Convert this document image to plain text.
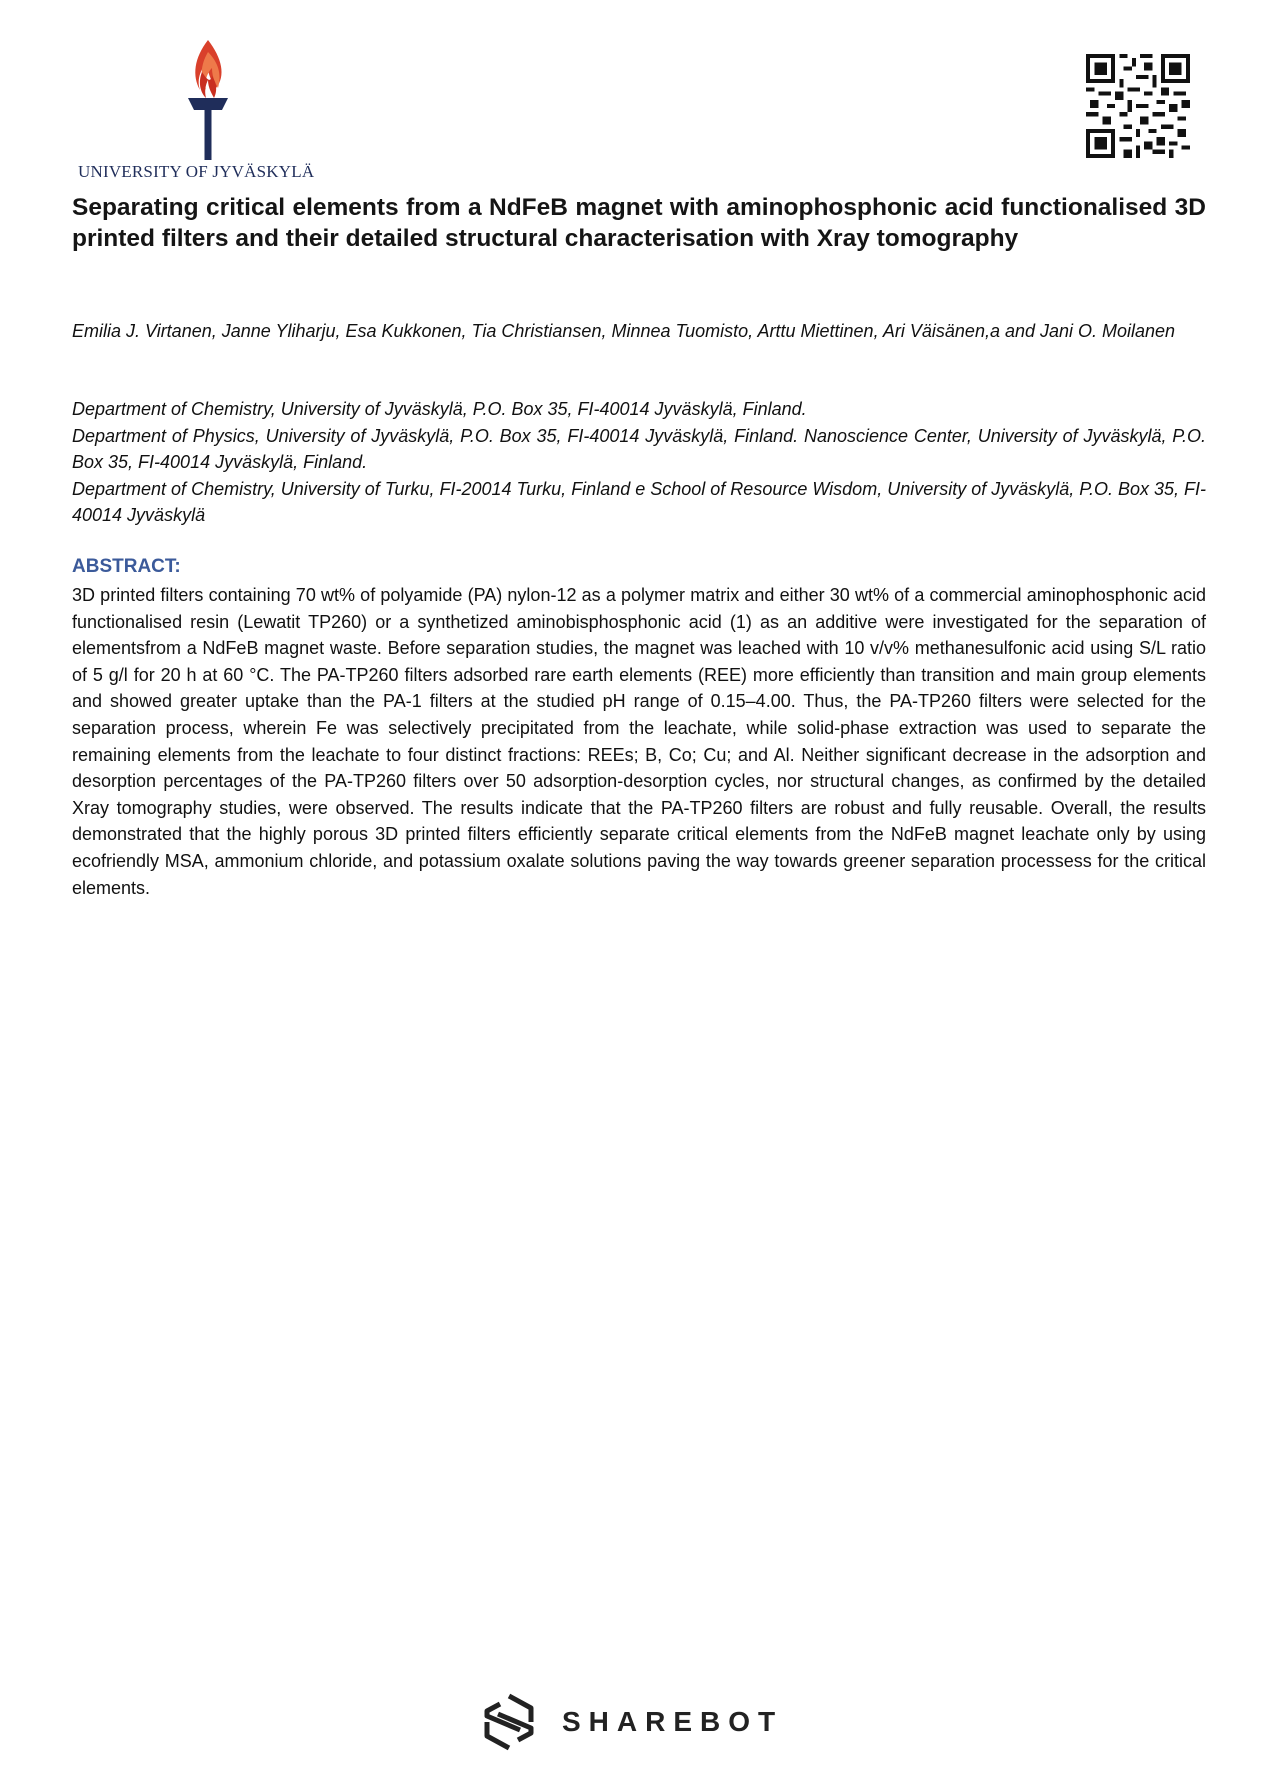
UNIVERSITY OF JYVÄSKYLÄ
Separating critical elements from a NdFeB magnet with aminophosphonic acid functionalised 3D printed filters and their detailed structural characterisation with Xray tomography
Emilia J. Virtanen, Janne Yliharju, Esa Kukkonen, Tia Christiansen, Minnea Tuomisto, Arttu Miettinen, Ari Väisänen,a and Jani O. Moilanen

Department of Chemistry, University of Jyväskylä, P.O. Box 35, FI-40014 Jyväskylä, Finland.

Department of Physics, University of Jyväskylä, P.O. Box 35, FI-40014 Jyväskylä, Finland. Nanoscience Center, University of Jyväskylä, P.O. Box 35, FI-40014 Jyväskylä, Finland.

Department of Chemistry, University of Turku, FI-20014 Turku, Finland e School of Resource Wisdom, University of Jyväskylä, P.O. Box 35, FI-40014 Jyväskylä

ABSTRACT:

3D printed filters containing 70 wt% of polyamide (PA) nylon-12 as a polymer matrix and either 30 wt% of a commercial aminophosphonic acid functionalised resin (Lewatit TP260) or a synthetized aminobisphosphonic acid (1) as an additive were investigated for the separation of elementsfrom a NdFeB magnet waste. Before separation studies, the magnet was leached with 10 v/v% methanesulfonic acid using S/L ratio of 5 g/l for 20 h at 60 °C. The PA-TP260 filters adsorbed rare earth elements (REE) more efficiently than transition and main group elements and showed greater uptake than the PA-1 filters at the studied pH range of 0.15–4.00. Thus, the PA-TP260 filters were selected for the separation process, wherein Fe was selectively precipitated from the leachate, while solid-phase extraction was used to separate the remaining elements from the leachate to four distinct fractions: REEs; B, Co; Cu; and Al. Neither significant decrease in the adsorption and desorption percentages of the PA-TP260 filters over 50 adsorption-desorption cycles, nor structural changes, as confirmed by the detailed Xray tomography studies, were observed. The results indicate that the PA-TP260 filters are robust and fully reusable. Overall, the results demonstrated that the highly porous 3D printed filters efficiently separate critical elements from the NdFeB magnet leachate only by using ecofriendly MSA, ammonium chloride, and potassium oxalate solutions paving the way towards greener separation processess for the critical elements.

SHAREBOT
